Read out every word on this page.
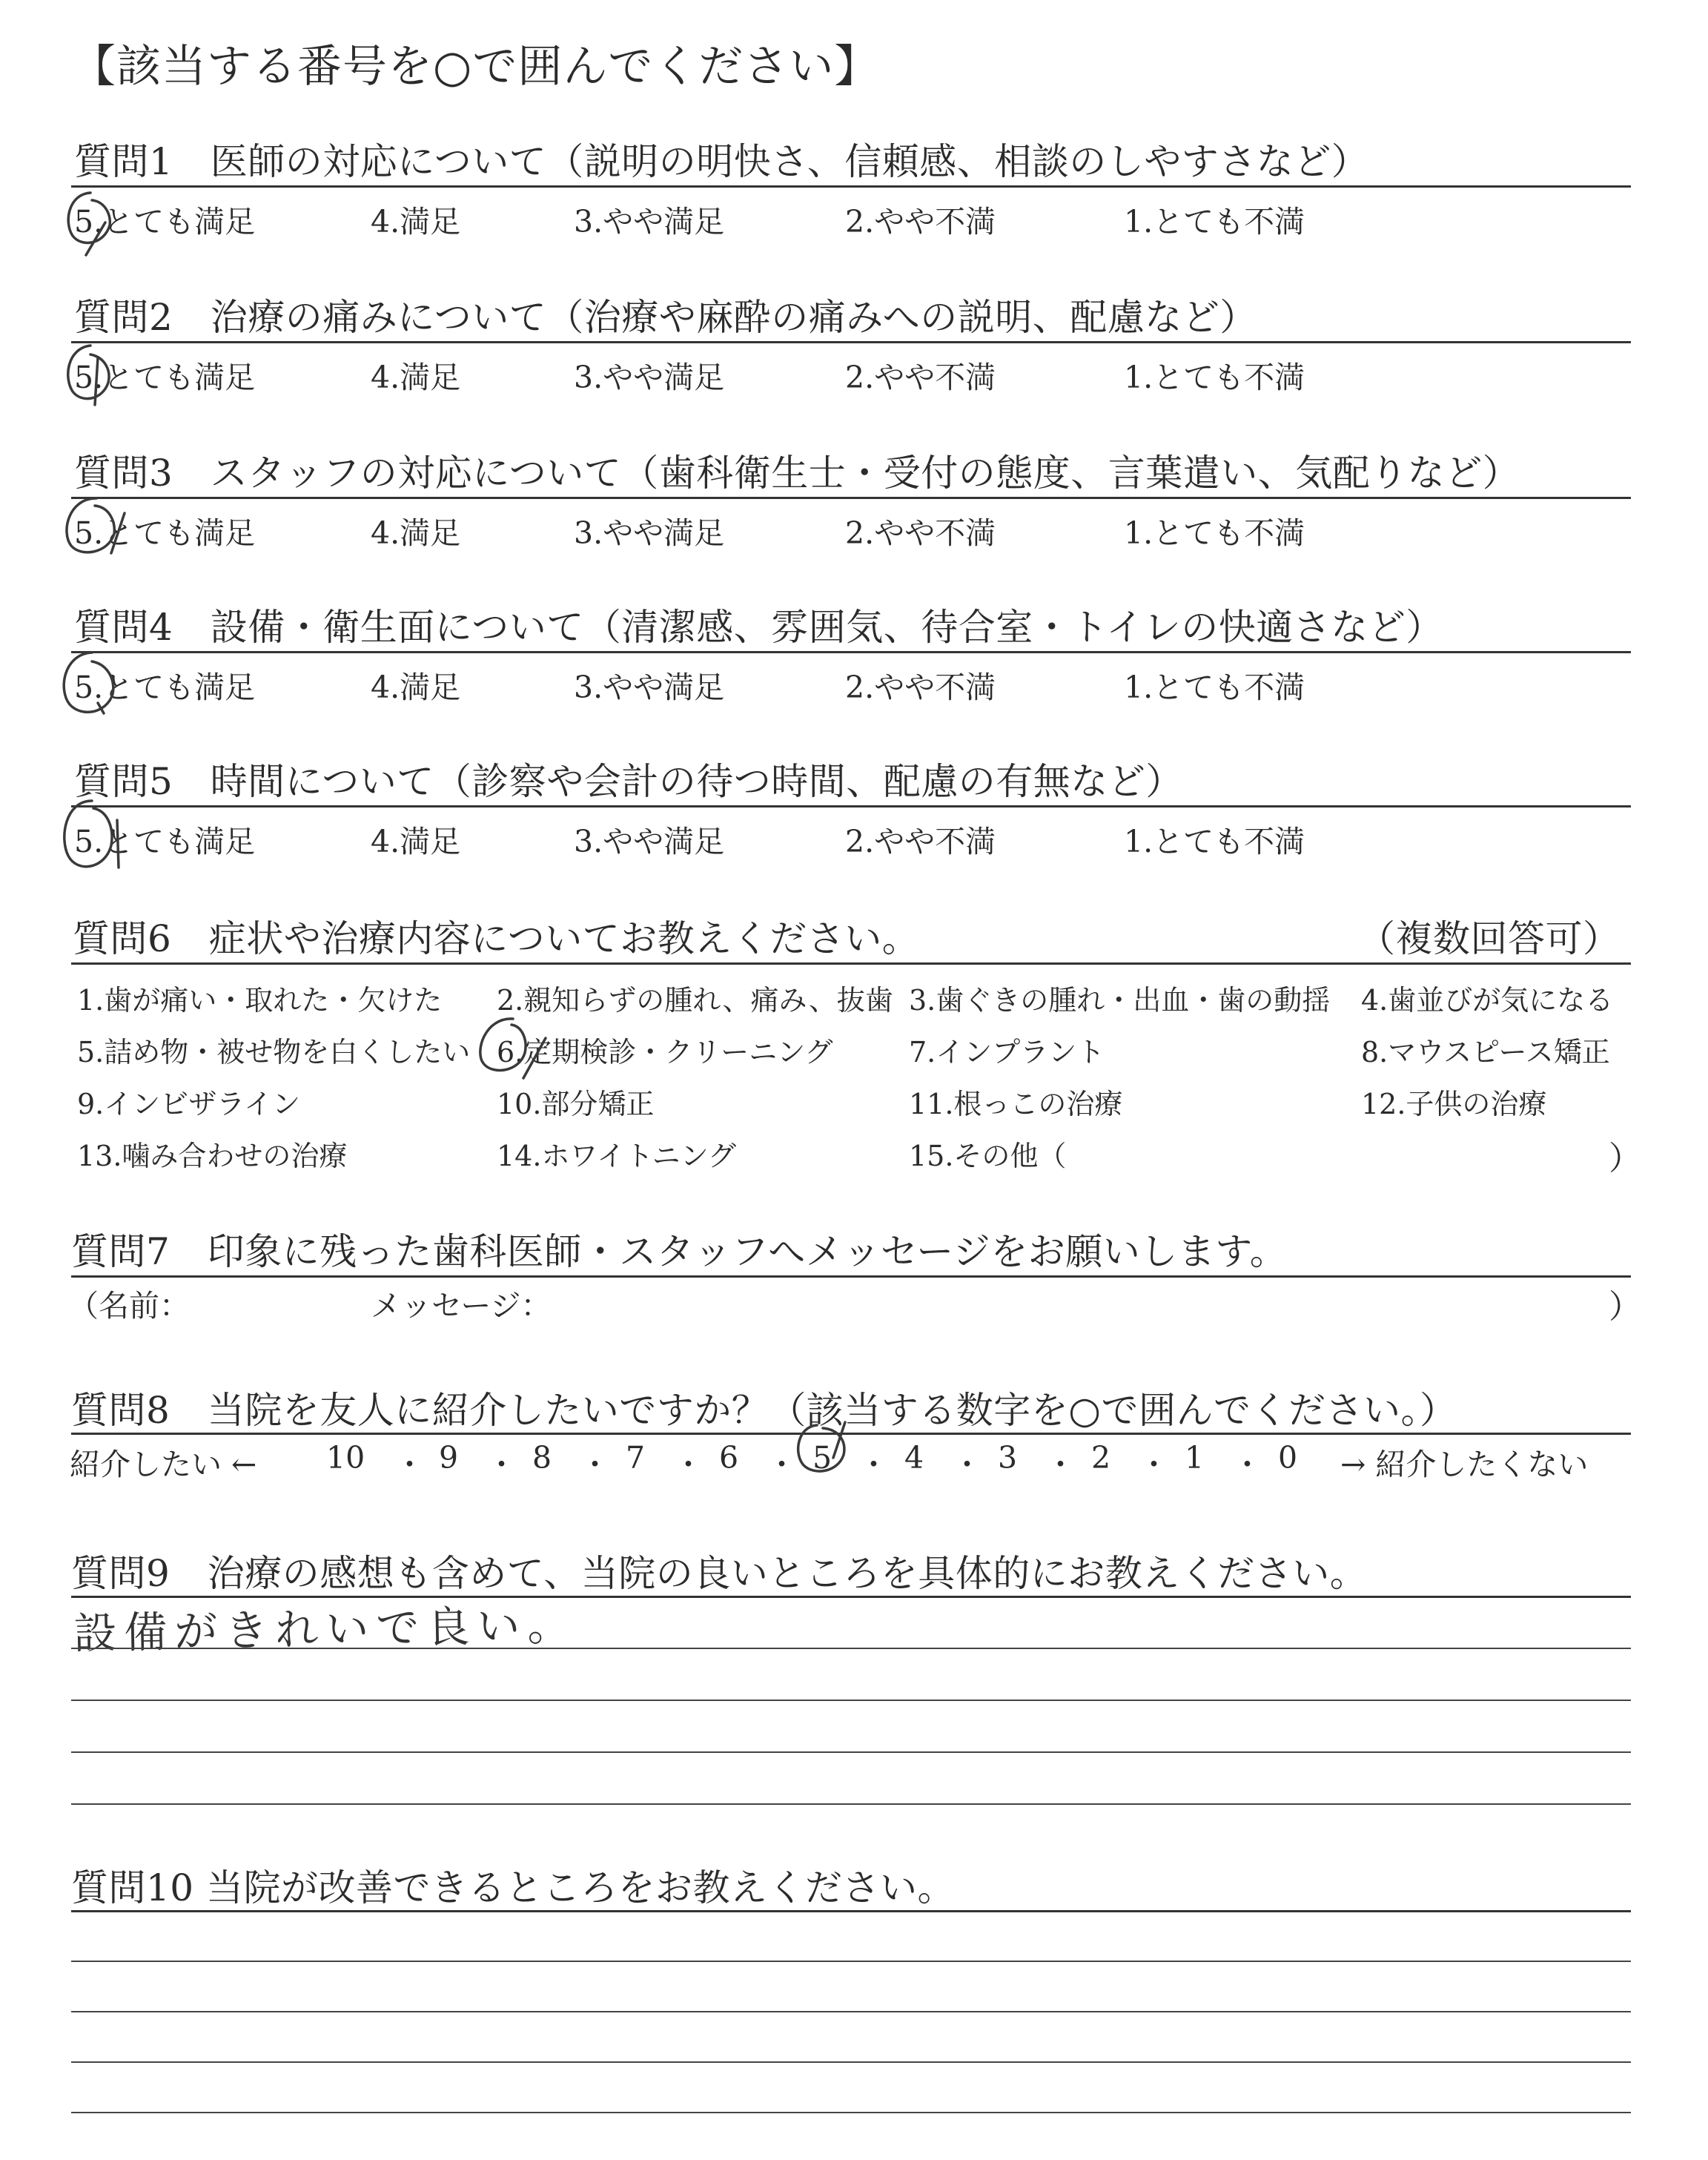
【該当する番号を○で囲んでください】
質問1　医師の対応について（説明の明快さ、信頼感、相談のしやすさなど）
5.とても満足	4.満足	3.やや満足	2.やや不満	1.とても不満
質問2　治療の痛みについて（治療や麻酔の痛みへの説明、配慮など）
5.とても満足	4.満足	3.やや満足	2.やや不満	1.とても不満
質問3　スタッフの対応について（歯科衛生士・受付の態度、言葉遣い、気配りなど）
5.とても満足	4.満足	3.やや満足	2.やや不満	1.とても不満
質問4　設備・衛生面について（清潔感、雰囲気、待合室・トイレの快適さなど）
5.とても満足	4.満足	3.やや満足	2.やや不満	1.とても不満
質問5　時間について（診察や会計の待つ時間、配慮の有無など）
5.とても満足	4.満足	3.やや満足	2.やや不満	1.とても不満
質問6　症状や治療内容についてお教えください。	（複数回答可）
1.歯が痛い・取れた・欠けた 2.親知らずの腫れ、痛み、抜歯 3.歯ぐきの腫れ・出血・歯の動揺 4.歯並びが気になる
5.詰め物・被せ物を白くしたい 6.定期検診・クリーニング	7.インプラント	8.マウスピース矯正
9.インビザライン	10.部分矯正	11.根っこの治療	12.子供の治療
13.噛み合わせの治療	14.ホワイトニング	15.その他（	）
質問7　印象に残った歯科医師・スタッフへメッセージをお願いします。
（名前：	メッセージ：	）
質問8　当院を友人に紹介したいですか？（該当する数字を○で囲んでください。）
紹介したい ← 10 ・ 9 ・ 8 ・ 7 ・ 6 ・ 5 ・ 4 ・ 3 ・ 2 ・ 1 ・ 0 → 紹介したくない
質問9　治療の感想も含めて、当院の良いところを具体的にお教えください。
設備がきれいで良い。
質問10 当院が改善できるところをお教えください。
